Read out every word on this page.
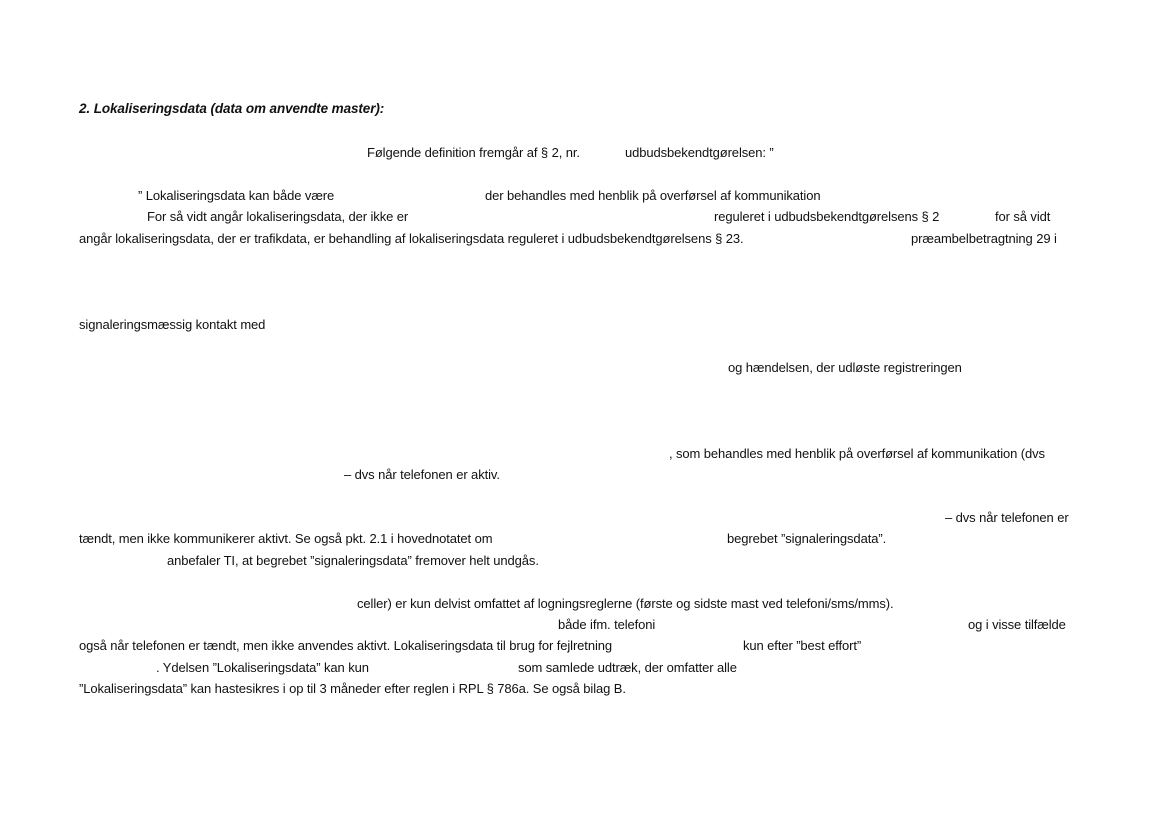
2. Lokaliseringsdata (data om anvendte master):
Følgende definition fremgår af § 2, nr.	udbudsbekendtgørelsen: ”
” Lokaliseringsdata kan både være	der behandles med henblik på overførsel af kommunikation
For så vidt angår lokaliseringsdata, der ikke er	reguleret i udbudsbekendtgørelsens § 2	for så vidt
angår lokaliseringsdata, der er trafikdata, er behandling af lokaliseringsdata reguleret i udbudsbekendtgørelsens § 23.	præambelbetragtning 29 i
signaleringsmæssig kontakt med
og hændelsen, der udløste registreringen
, som behandles med henblik på overførsel af kommunikation (dvs
– dvs når telefonen er aktiv.
– dvs når telefonen er
tændt, men ikke kommunikerer aktivt. Se også pkt. 2.1 i hovednotatet om	begrebet ”signaleringsdata”.
anbefaler TI, at begrebet ”signaleringsdata” fremover helt undgås.
celler) er kun delvist omfattet af logningsreglerne (første og sidste mast ved telefoni/sms/mms).
både ifm. telefoni	og i visse tilfælde
også når telefonen er tændt, men ikke anvendes aktivt. Lokaliseringsdata til brug for fejlretning	kun efter ”best effort”
. Ydelsen ”Lokaliseringsdata” kan kun	som samlede udtræk, der omfatter alle
”Lokaliseringsdata” kan hastesikres i op til 3 måneder efter reglen i RPL § 786a. Se også bilag B.
